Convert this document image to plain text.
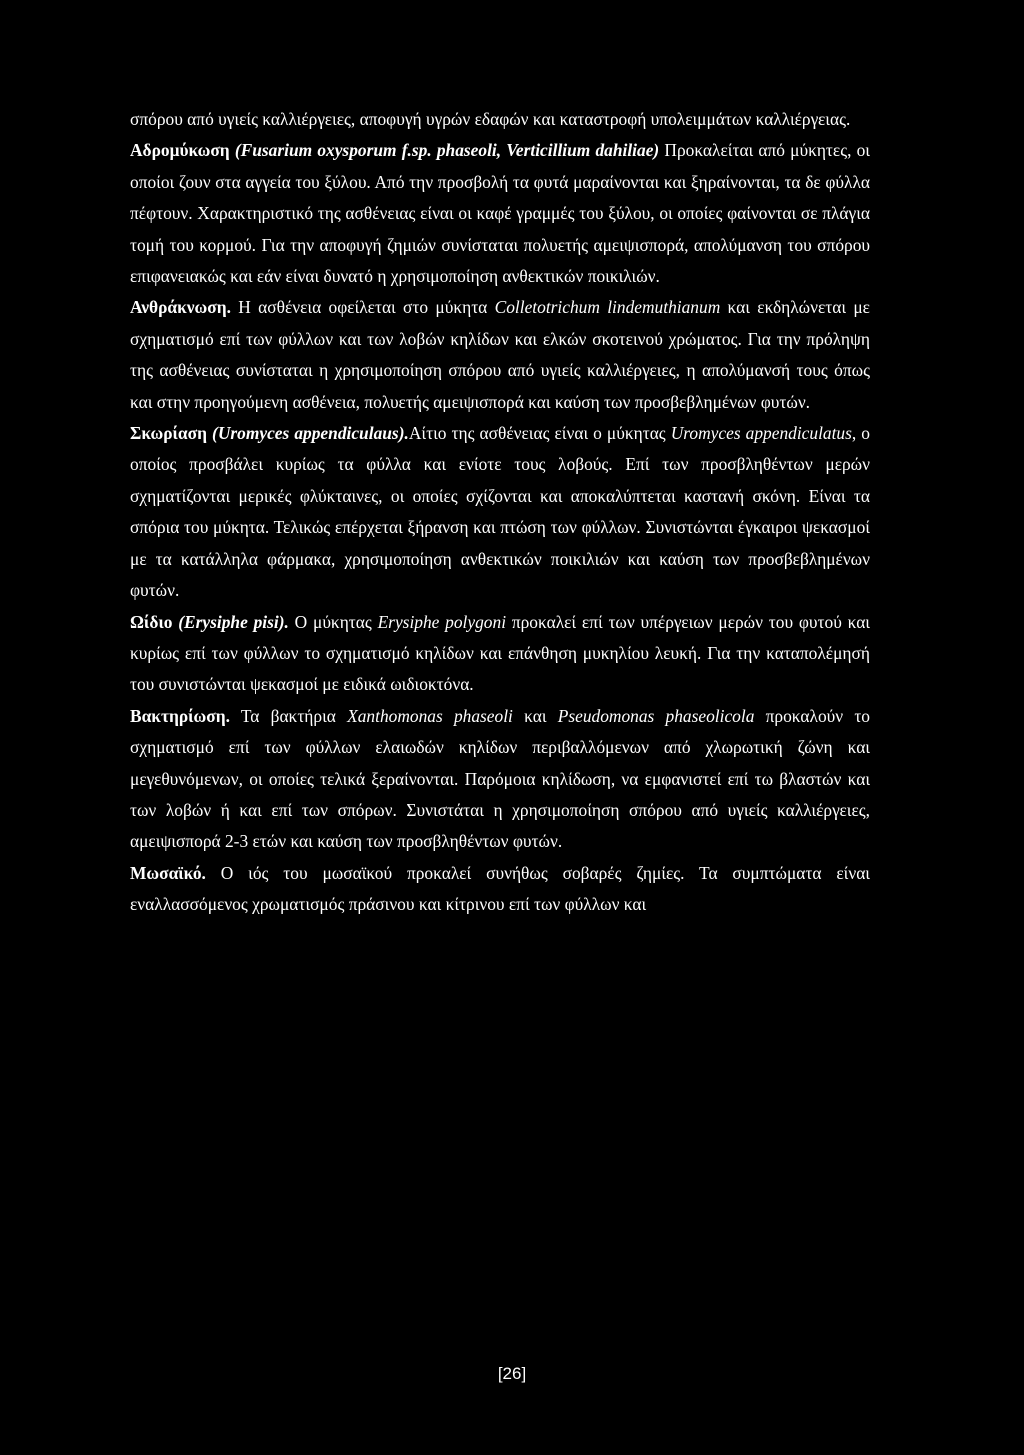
σπόρου από υγιείς καλλιέργειες, αποφυγή υγρών εδαφών και καταστροφή υπολειμμάτων καλλιέργειας.

Αδρομύκωση (Fusarium oxysporum f.sp. phaseoli, Verticillium dahiliae) Προκαλείται από μύκητες, οι οποίοι ζουν στα αγγεία του ξύλου. Από την προσβολή τα φυτά μαραίνονται και ξηραίνονται, τα δε φύλλα πέφτουν. Χαρακτηριστικό της ασθένειας είναι οι καφέ γραμμές του ξύλου, οι οποίες φαίνονται σε πλάγια τομή του κορμού. Για την αποφυγή ζημιών συνίσταται πολυετής αμειψισπορά, απολύμανση του σπόρου επιφανειακώς και εάν είναι δυνατό η χρησιμοποίηση ανθεκτικών ποικιλιών.

Ανθράκνωση. Η ασθένεια οφείλεται στο μύκητα Colletotrichum lindemuthianum και εκδηλώνεται με σχηματισμό επί των φύλλων και των λοβών κηλίδων και ελκών σκοτεινού χρώματος. Για την πρόληψη της ασθένειας συνίσταται η χρησιμοποίηση σπόρου από υγιείς καλλιέργειες, η απολύμανσή τους όπως και στην προηγούμενη ασθένεια, πολυετής αμειψισπορά και καύση των προσβεβλημένων φυτών.

Σκωρίαση (Uromyces appendiculaus).Αίτιο της ασθένειας είναι ο μύκητας Uromyces appendiculatus, ο οποίος προσβάλει κυρίως τα φύλλα και ενίοτε τους λοβούς. Επί των προσβληθέντων μερών σχηματίζονται μερικές φλύκταινες, οι οποίες σχίζονται και αποκαλύπτεται καστανή σκόνη. Είναι τα σπόρια του μύκητα. Τελικώς επέρχεται ξήρανση και πτώση των φύλλων. Συνιστώνται έγκαιροι ψεκασμοί με τα κατάλληλα φάρμακα, χρησιμοποίηση ανθεκτικών ποικιλιών και καύση των προσβεβλημένων φυτών.

Ωίδιο (Erysiphe pisi). Ο μύκητας Erysiphe polygoni προκαλεί επί των υπέργειων μερών του φυτού και κυρίως επί των φύλλων το σχηματισμό κηλίδων και επάνθηση μυκηλίου λευκή. Για την καταπολέμησή του συνιστώνται ψεκασμοί με ειδικά ωιδιοκτόνα.

Βακτηρίωση. Τα βακτήρια Xanthomonas phaseoli και Pseudomonas phaseolicola προκαλούν το σχηματισμό επί των φύλλων ελαιωδών κηλίδων περιβαλλόμενων από χλωρωτική ζώνη και μεγεθυνόμενων, οι οποίες τελικά ξεραίνονται. Παρόμοια κηλίδωση, να εμφανιστεί επί τω βλαστών και των λοβών ή και επί των σπόρων. Συνιστάται η χρησιμοποίηση σπόρου από υγιείς καλλιέργειες, αμειψισπορά 2-3 ετών και καύση των προσβληθέντων φυτών.

Μωσαϊκό. Ο ιός του μωσαϊκού προκαλεί συνήθως σοβαρές ζημίες. Τα συμπτώματα είναι εναλλασσόμενος χρωματισμός πράσινου και κίτρινου επί των φύλλων και

[26]
